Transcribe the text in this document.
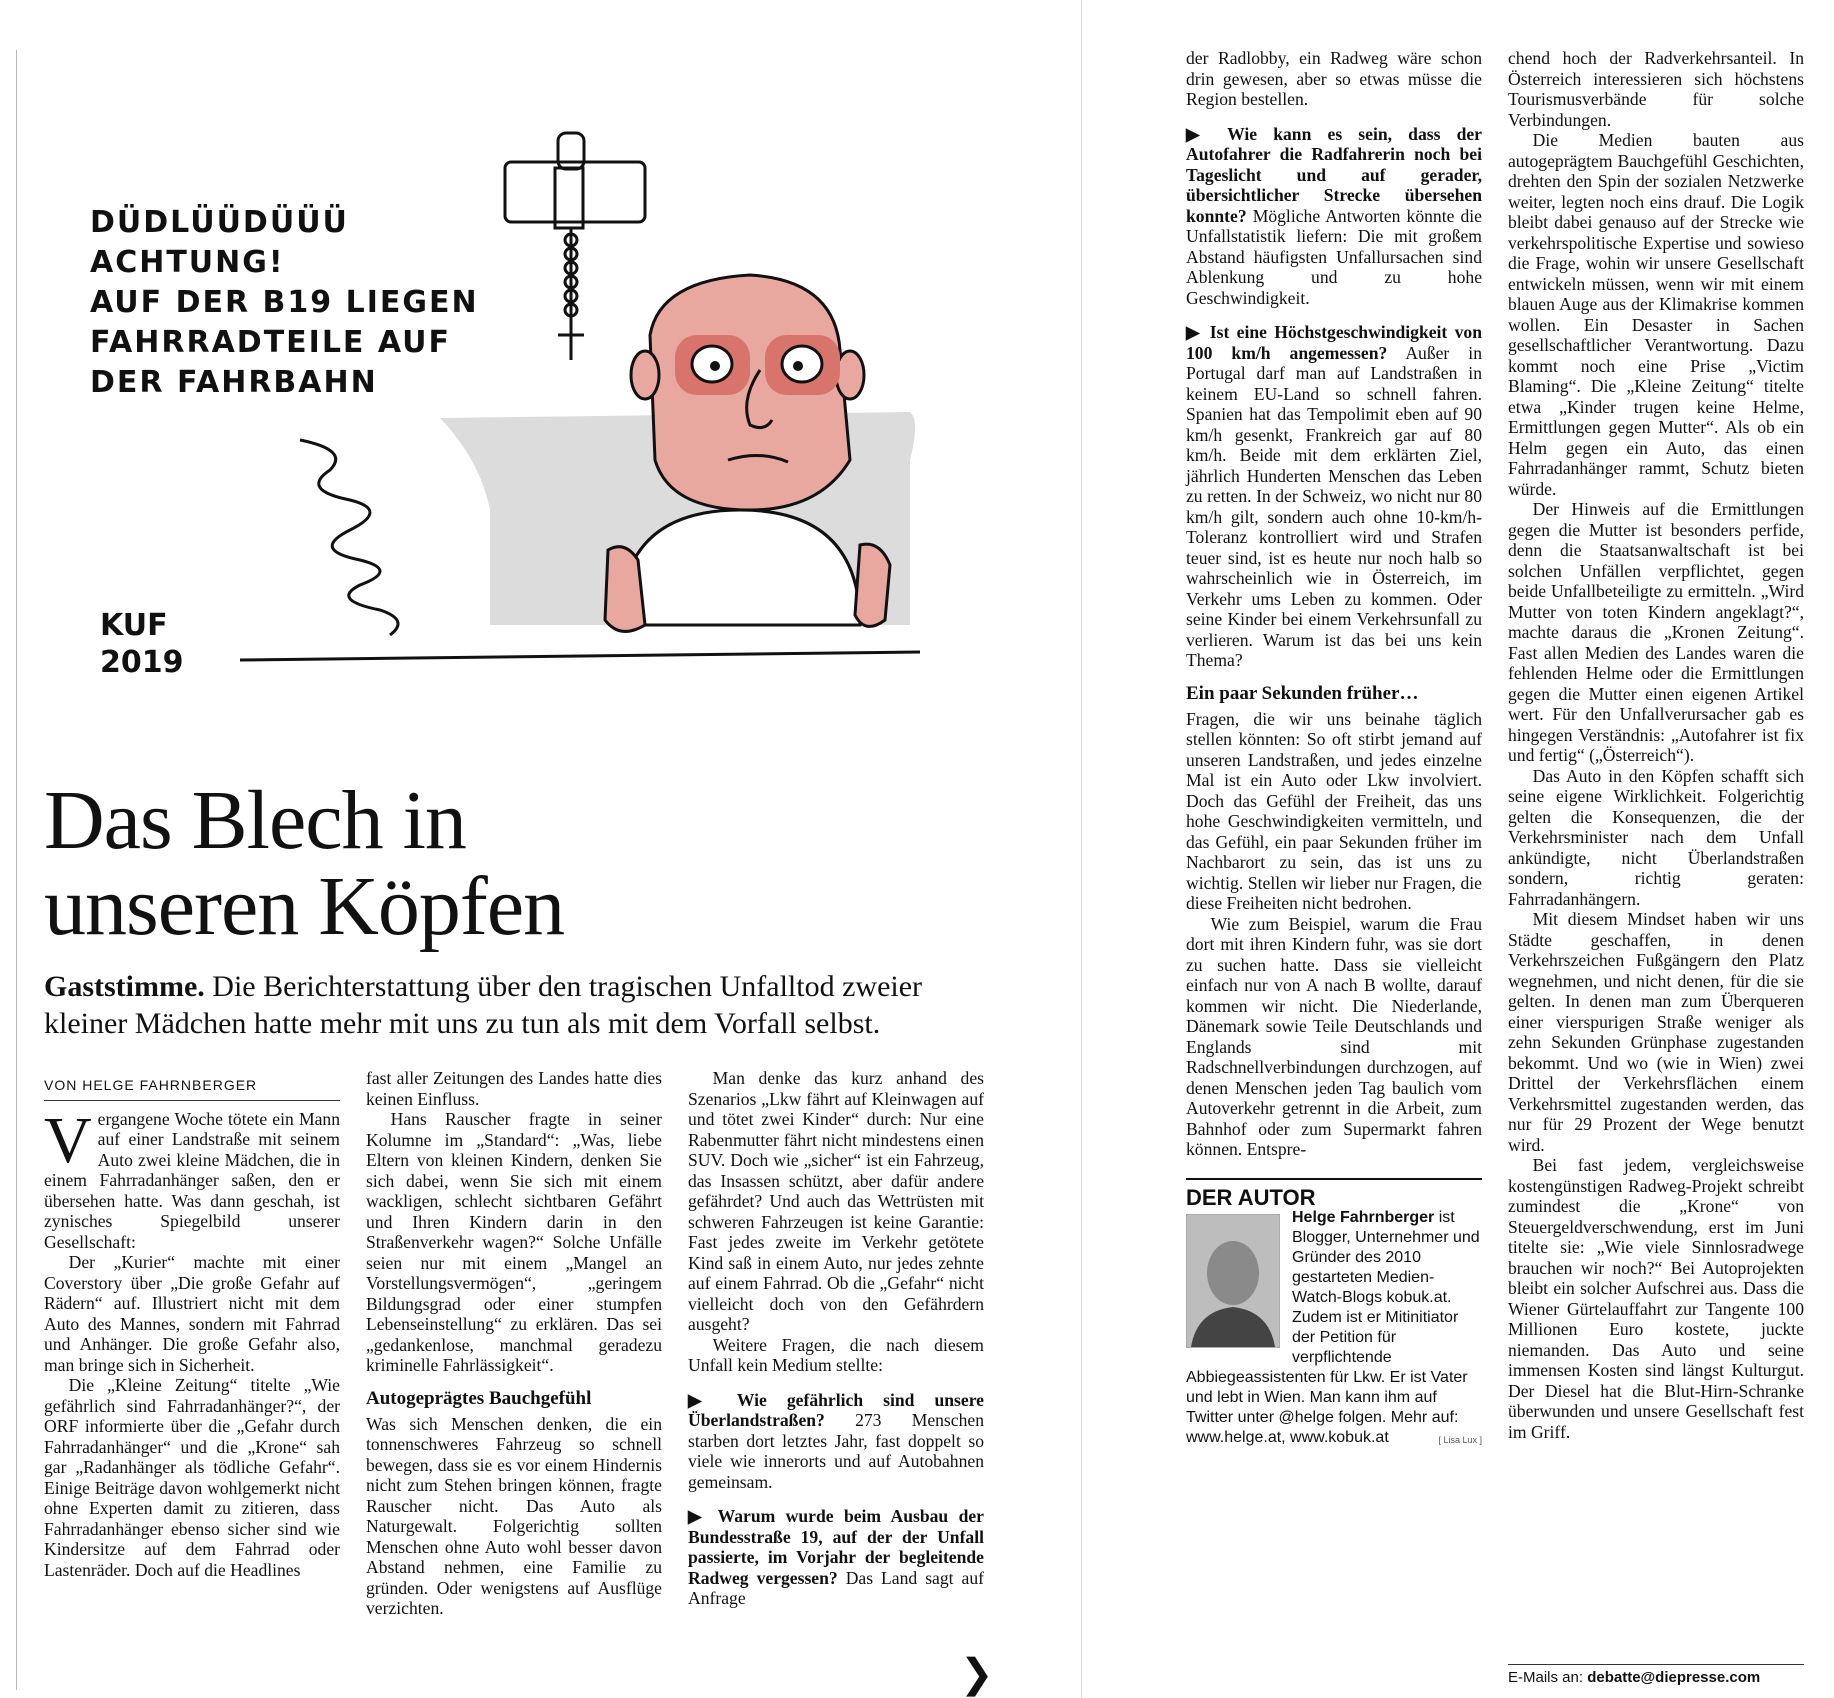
DÜDLÜÜDÜÜÜ
ACHTUNG!
AUF DER B19 LIEGEN
FAHRRADTEILE AUF
DER FAHRBAHN
KUF
2019
Das Blech in
unseren Köpfen

Gaststimme. Die Berichterstattung über den tragischen Unfalltod zweier kleiner Mädchen hatte mehr mit uns zu tun als mit dem Vorfall selbst.

VON HELGE FAHRNBERGER

Vergangene Woche tötete ein Mann auf einer Landstraße mit seinem Auto zwei kleine Mädchen, die in einem Fahrradanhänger saßen, den er übersehen hatte. Was dann geschah, ist zynisches Spiegelbild unserer Gesellschaft:

Der „Kurier“ machte mit einer Coverstory über „Die große Gefahr auf Rädern“ auf. Illustriert nicht mit dem Auto des Mannes, sondern mit Fahrrad und Anhänger. Die große Gefahr also, man bringe sich in Sicherheit.

Die „Kleine Zeitung“ titelte „Wie gefährlich sind Fahrradanhänger?“, der ORF informierte über die „Gefahr durch Fahrradanhänger“ und die „Krone“ sah gar „Radanhänger als tödliche Gefahr“. Einige Beiträge davon wohlgemerkt nicht ohne Experten damit zu zitieren, dass Fahrradanhänger ebenso sicher sind wie Kindersitze auf dem Fahrrad oder Lastenräder. Doch auf die Headlines

fast aller Zeitungen des Landes hatte dies keinen Einfluss.

Hans Rauscher fragte in seiner Kolumne im „Standard“: „Was, liebe Eltern von kleinen Kindern, denken Sie sich dabei, wenn Sie sich mit einem wackligen, schlecht sichtbaren Gefährt und Ihren Kindern darin in den Straßenverkehr wagen?“ Solche Unfälle seien nur mit einem „Mangel an Vorstellungsvermögen“, „geringem Bildungsgrad oder einer stumpfen Lebenseinstellung“ zu erklären. Das sei „gedankenlose, manchmal geradezu kriminelle Fahrlässigkeit“.

Autogeprägtes Bauchgefühl

Was sich Menschen denken, die ein tonnenschweres Fahrzeug so schnell bewegen, dass sie es vor einem Hindernis nicht zum Stehen bringen können, fragte Rauscher nicht. Das Auto als Naturgewalt. Folgerichtig sollten Menschen ohne Auto wohl besser davon Abstand nehmen, eine Familie zu gründen. Oder wenigstens auf Ausflüge verzichten.

Man denke das kurz anhand des Szenarios „Lkw fährt auf Kleinwagen auf und tötet zwei Kinder“ durch: Nur eine Rabenmutter fährt nicht mindestens einen SUV. Doch wie „sicher“ ist ein Fahrzeug, das Insassen schützt, aber dafür andere gefährdet? Und auch das Wettrüsten mit schweren Fahrzeugen ist keine Garantie: Fast jedes zweite im Verkehr getötete Kind saß in einem Auto, nur jedes zehnte auf einem Fahrrad. Ob die „Gefahr“ nicht vielleicht doch von den Gefährdern ausgeht?

Weitere Fragen, die nach diesem Unfall kein Medium stellte:

▶ Wie gefährlich sind unsere Überlandstraßen? 273 Menschen starben dort letztes Jahr, fast doppelt so viele wie innerorts und auf Autobahnen gemeinsam.

▶ Warum wurde beim Ausbau der Bundesstraße 19, auf der der Unfall passierte, im Vorjahr der begleitende Radweg vergessen? Das Land sagt auf Anfrage

❯

der Radlobby, ein Radweg wäre schon drin gewesen, aber so etwas müsse die Region bestellen.

▶ Wie kann es sein, dass der Autofahrer die Radfahrerin noch bei Tageslicht und auf gerader, übersichtlicher Strecke übersehen konnte? Mögliche Antworten könnte die Unfallstatistik liefern: Die mit großem Abstand häufigsten Unfallursachen sind Ablenkung und zu hohe Geschwindigkeit.

▶ Ist eine Höchstgeschwindigkeit von 100 km/h angemessen? Außer in Portugal darf man auf Landstraßen in keinem EU-Land so schnell fahren. Spanien hat das Tempolimit eben auf 90 km/h gesenkt, Frankreich gar auf 80 km/h. Beide mit dem erklärten Ziel, jährlich Hunderten Menschen das Leben zu retten. In der Schweiz, wo nicht nur 80 km/h gilt, sondern auch ohne 10-km/h-Toleranz kontrolliert wird und Strafen teuer sind, ist es heute nur noch halb so wahrscheinlich wie in Österreich, im Verkehr ums Leben zu kommen. Oder seine Kinder bei einem Verkehrsunfall zu verlieren. Warum ist das bei uns kein Thema?

Ein paar Sekunden früher…

Fragen, die wir uns beinahe täglich stellen könnten: So oft stirbt jemand auf unseren Landstraßen, und jedes einzelne Mal ist ein Auto oder Lkw involviert. Doch das Gefühl der Freiheit, das uns hohe Geschwindigkeiten vermitteln, und das Gefühl, ein paar Sekunden früher im Nachbarort zu sein, das ist uns zu wichtig. Stellen wir lieber nur Fragen, die diese Freiheiten nicht bedrohen.

Wie zum Beispiel, warum die Frau dort mit ihren Kindern fuhr, was sie dort zu suchen hatte. Dass sie vielleicht einfach nur von A nach B wollte, darauf kommen wir nicht. Die Niederlande, Dänemark sowie Teile Deutschlands und Englands sind mit Radschnellverbindungen durchzogen, auf denen Menschen jeden Tag baulich vom Autoverkehr getrennt in die Arbeit, zum Bahnhof oder zum Supermarkt fahren können. Entspre-

DER AUTOR
Helge Fahrnberger ist Blogger, Unternehmer und Gründer des 2010 gestarteten Medien-Watch-Blogs kobuk.at. Zudem ist er Mitinitiator der Petition für verpflichtende Abbiegeassistenten für Lkw. Er ist Vater und lebt in Wien. Man kann ihm auf Twitter unter @helge folgen. Mehr auf: www.helge.at, www.kobuk.at	[ Lisa Lux ]

chend hoch der Radverkehrsanteil. In Österreich interessieren sich höchstens Tourismusverbände für solche Verbindungen.

Die Medien bauten aus autogeprägtem Bauchgefühl Geschichten, drehten den Spin der sozialen Netzwerke weiter, legten noch eins drauf. Die Logik bleibt dabei genauso auf der Strecke wie verkehrspolitische Expertise und sowieso die Frage, wohin wir unsere Gesellschaft entwickeln müssen, wenn wir mit einem blauen Auge aus der Klimakrise kommen wollen. Ein Desaster in Sachen gesellschaftlicher Verantwortung. Dazu kommt noch eine Prise „Victim Blaming“. Die „Kleine Zeitung“ titelte etwa „Kinder trugen keine Helme, Ermittlungen gegen Mutter“. Als ob ein Helm gegen ein Auto, das einen Fahrradanhänger rammt, Schutz bieten würde.

Der Hinweis auf die Ermittlungen gegen die Mutter ist besonders perfide, denn die Staatsanwaltschaft ist bei solchen Unfällen verpflichtet, gegen beide Unfallbeteiligte zu ermitteln. „Wird Mutter von toten Kindern angeklagt?“, machte daraus die „Kronen Zeitung“. Fast allen Medien des Landes waren die fehlenden Helme oder die Ermittlungen gegen die Mutter einen eigenen Artikel wert. Für den Unfallverursacher gab es hingegen Verständnis: „Autofahrer ist fix und fertig“ („Österreich“).

Das Auto in den Köpfen schafft sich seine eigene Wirklichkeit. Folgerichtig gelten die Konsequenzen, die der Verkehrsminister nach dem Unfall ankündigte, nicht Überlandstraßen sondern, richtig geraten: Fahrradanhängern.

Mit diesem Mindset haben wir uns Städte geschaffen, in denen Verkehrszeichen Fußgängern den Platz wegnehmen, und nicht denen, für die sie gelten. In denen man zum Überqueren einer vierspurigen Straße weniger als zehn Sekunden Grünphase zugestanden bekommt. Und wo (wie in Wien) zwei Drittel der Verkehrsflächen einem Verkehrsmittel zugestanden werden, das nur für 29 Prozent der Wege benutzt wird.

Bei fast jedem, vergleichsweise kostengünstigen Radweg-Projekt schreibt zumindest die „Krone“ von Steuergeldverschwendung, erst im Juni titelte sie: „Wie viele Sinnlosradwege brauchen wir noch?“ Bei Autoprojekten bleibt ein solcher Aufschrei aus. Dass die Wiener Gürtelauffahrt zur Tangente 100 Millionen Euro kostete, juckte niemanden. Das Auto und seine immensen Kosten sind längst Kulturgut. Der Diesel hat die Blut-Hirn-Schranke überwunden und unsere Gesellschaft fest im Griff.

E-Mails an: debatte@diepresse.com
